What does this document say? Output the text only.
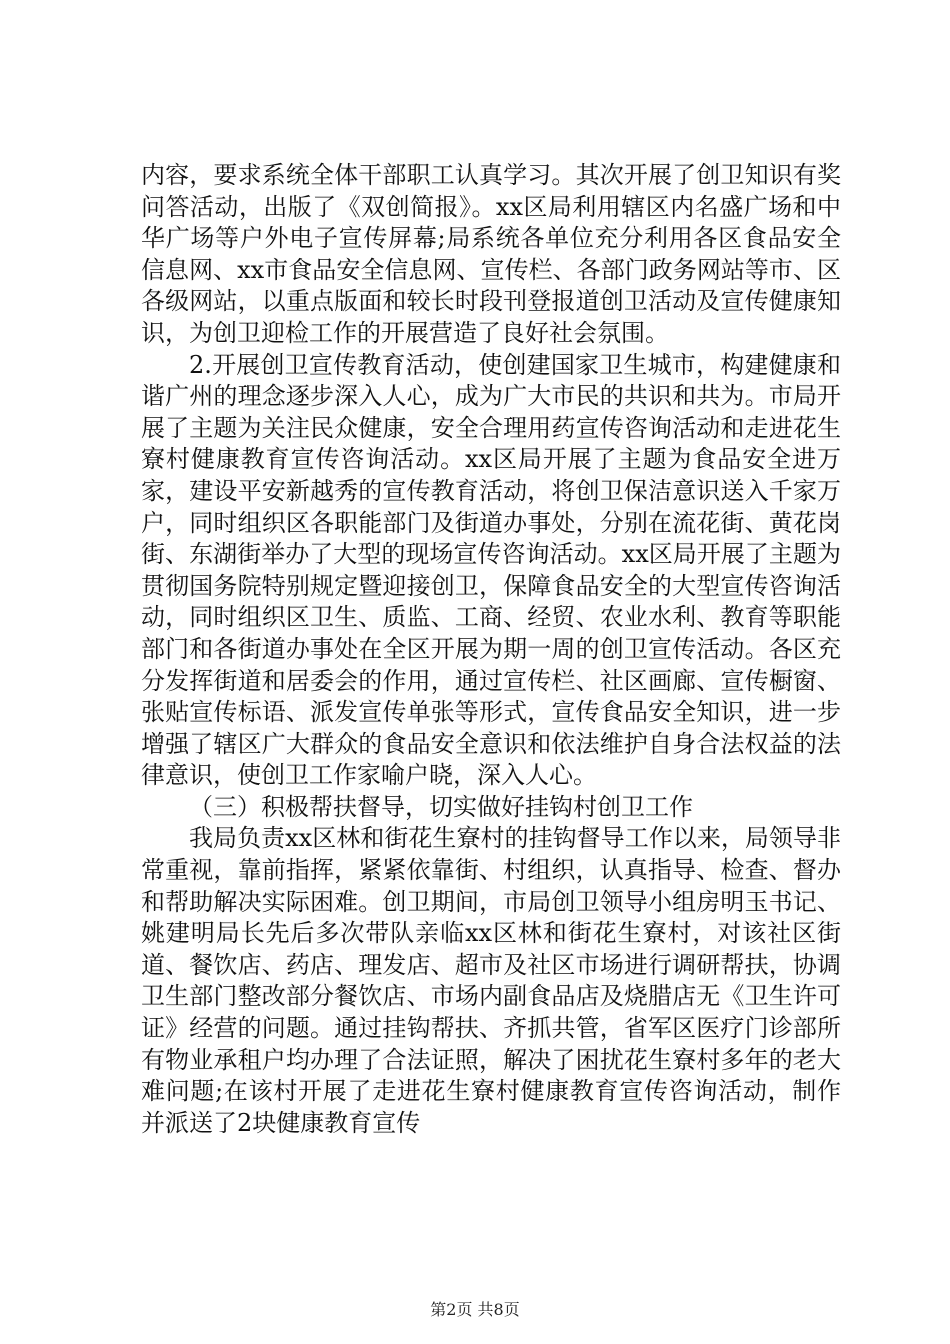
内容，要求系统全体干部职工认真学习。其次开展了创卫知识有奖问答活动，出版了《双创简报》。xx区局利用辖区内名盛广场和中华广场等户外电子宣传屏幕;局系统各单位充分利用各区食品安全信息网、xx市食品安全信息网、宣传栏、各部门政务网站等市、区各级网站，以重点版面和较长时段刊登报道创卫活动及宣传健康知识，为创卫迎检工作的开展营造了良好社会氛围。

2.开展创卫宣传教育活动，使创建国家卫生城市，构建健康和谐广州的理念逐步深入人心，成为广大市民的共识和共为。市局开展了主题为关注民众健康，安全合理用药宣传咨询活动和走进花生寮村健康教育宣传咨询活动。xx区局开展了主题为食品安全进万家，建设平安新越秀的宣传教育活动，将创卫保洁意识送入千家万户，同时组织区各职能部门及街道办事处，分别在流花街、黄花岗街、东湖街举办了大型的现场宣传咨询活动。xx区局开展了主题为贯彻国务院特别规定暨迎接创卫，保障食品安全的大型宣传咨询活动，同时组织区卫生、质监、工商、经贸、农业水利、教育等职能部门和各街道办事处在全区开展为期一周的创卫宣传活动。各区充分发挥街道和居委会的作用，通过宣传栏、社区画廊、宣传橱窗、张贴宣传标语、派发宣传单张等形式，宣传食品安全知识，进一步增强了辖区广大群众的食品安全意识和依法维护自身合法权益的法律意识，使创卫工作家喻户晓，深入人心。

（三）积极帮扶督导，切实做好挂钩村创卫工作

我局负责xx区林和街花生寮村的挂钩督导工作以来，局领导非常重视，靠前指挥，紧紧依靠街、村组织，认真指导、检查、督办和帮助解决实际困难。创卫期间，市局创卫领导小组房明玉书记、姚建明局长先后多次带队亲临xx区林和街花生寮村，对该社区街道、餐饮店、药店、理发店、超市及社区市场进行调研帮扶，协调卫生部门整改部分餐饮店、市场内副食品店及烧腊店无《卫生许可证》经营的问题。通过挂钩帮扶、齐抓共管，省军区医疗门诊部所有物业承租户均办理了合法证照，解决了困扰花生寮村多年的老大难问题;在该村开展了走进花生寮村健康教育宣传咨询活动，制作并派送了2块健康教育宣传

第2页 共8页
